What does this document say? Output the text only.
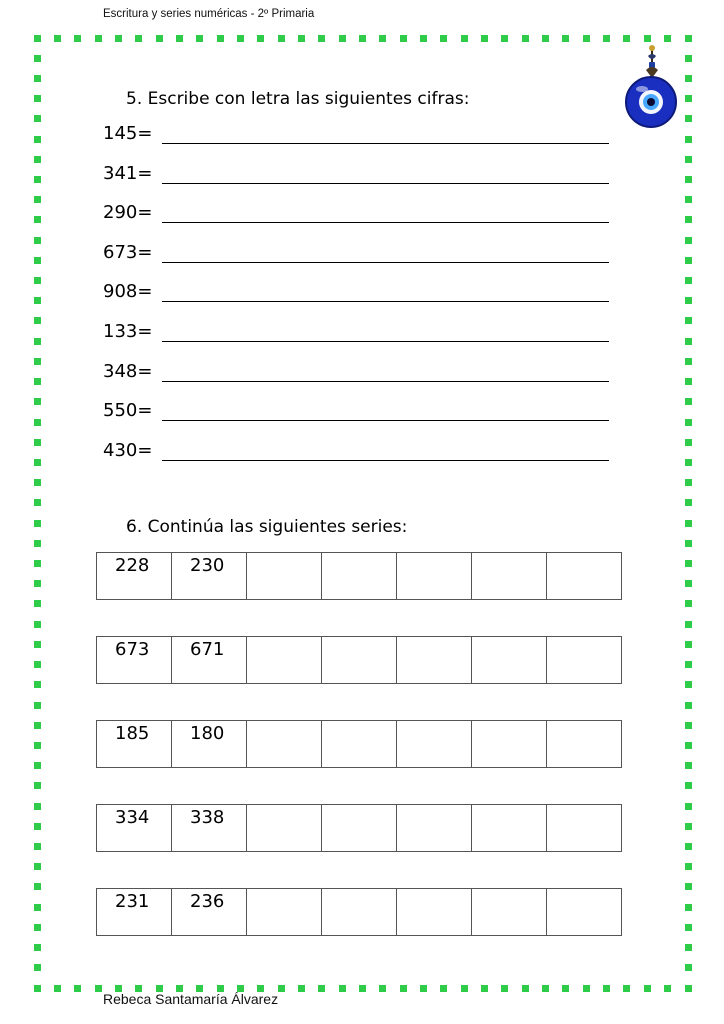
Escritura y series numéricas - 2º Primaria
5. Escribe con letra las siguientes cifras:
145=
341=
290=
673=
908=
133=
348=
550=
430=
6. Continúa las siguientes series:
228	230					
673	671					
185	180					
334	338					
231	236					
Rebeca Santamaría Álvarez
